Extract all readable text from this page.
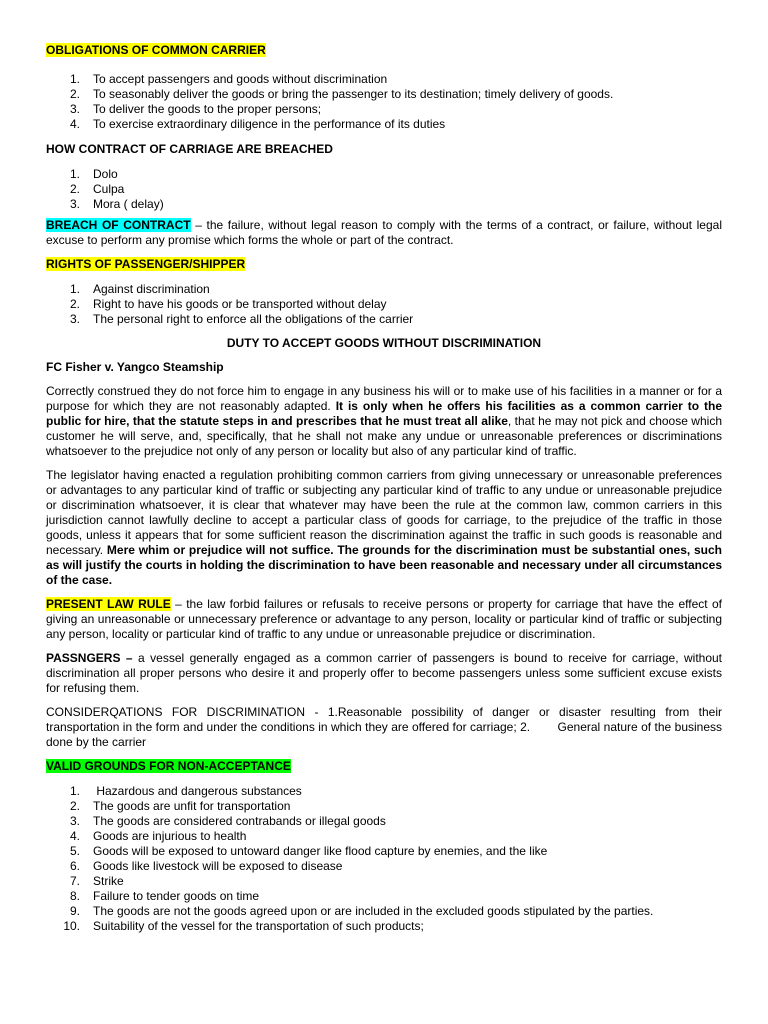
OBLIGATIONS OF COMMON CARRIER
1. To accept passengers and goods without discrimination
2. To seasonably deliver the goods or bring the passenger to its destination; timely delivery of goods.
3. To deliver the goods to the proper persons;
4. To exercise extraordinary diligence in the performance of its duties
HOW CONTRACT OF CARRIAGE ARE BREACHED
1. Dolo
2. Culpa
3. Mora ( delay)
BREACH OF CONTRACT – the failure, without legal reason to comply with the terms of a contract, or failure, without legal excuse to perform any promise which forms the whole or part of the contract.
RIGHTS OF PASSENGER/SHIPPER
1. Against discrimination
2. Right to have his goods or be transported without delay
3. The personal right to enforce all the obligations of the carrier
DUTY TO ACCEPT GOODS WITHOUT DISCRIMINATION
FC Fisher v. Yangco Steamship
Correctly construed they do not force him to engage in any business his will or to make use of his facilities in a manner or for a purpose for which they are not reasonably adapted. It is only when he offers his facilities as a common carrier to the public for hire, that the statute steps in and prescribes that he must treat all alike, that he may not pick and choose which customer he will serve, and, specifically, that he shall not make any undue or unreasonable preferences or discriminations whatsoever to the prejudice not only of any person or locality but also of any particular kind of traffic.
The legislator having enacted a regulation prohibiting common carriers from giving unnecessary or unreasonable preferences or advantages to any particular kind of traffic or subjecting any particular kind of traffic to any undue or unreasonable prejudice or discrimination whatsoever, it is clear that whatever may have been the rule at the common law, common carriers in this jurisdiction cannot lawfully decline to accept a particular class of goods for carriage, to the prejudice of the traffic in those goods, unless it appears that for some sufficient reason the discrimination against the traffic in such goods is reasonable and necessary. Mere whim or prejudice will not suffice. The grounds for the discrimination must be substantial ones, such as will justify the courts in holding the discrimination to have been reasonable and necessary under all circumstances of the case.
PRESENT LAW RULE – the law forbid failures or refusals to receive persons or property for carriage that have the effect of giving an unreasonable or unnecessary preference or advantage to any person, locality or particular kind of traffic or subjecting any person, locality or particular kind of traffic to any undue or unreasonable prejudice or discrimination.
PASSNGERS – a vessel generally engaged as a common carrier of passengers is bound to receive for carriage, without discrimination all proper persons who desire it and properly offer to become passengers unless some sufficient excuse exists for refusing them.
CONSIDERQATIONS FOR DISCRIMINATION - 1.Reasonable possibility of danger or disaster resulting from their transportation in the form and under the conditions in which they are offered for carriage; 2.        General nature of the business done by the carrier
VALID GROUNDS FOR NON-ACCEPTANCE
1. Hazardous and dangerous substances
2. The goods are unfit for transportation
3. The goods are considered contrabands or illegal goods
4. Goods are injurious to health
5. Goods will be exposed to untoward danger like flood capture by enemies, and the like
6. Goods like livestock will be exposed to disease
7. Strike
8. Failure to tender goods on time
9. The goods are not the goods agreed upon or are included in the excluded goods stipulated by the parties.
10. Suitability of the vessel for the transportation of such products;
